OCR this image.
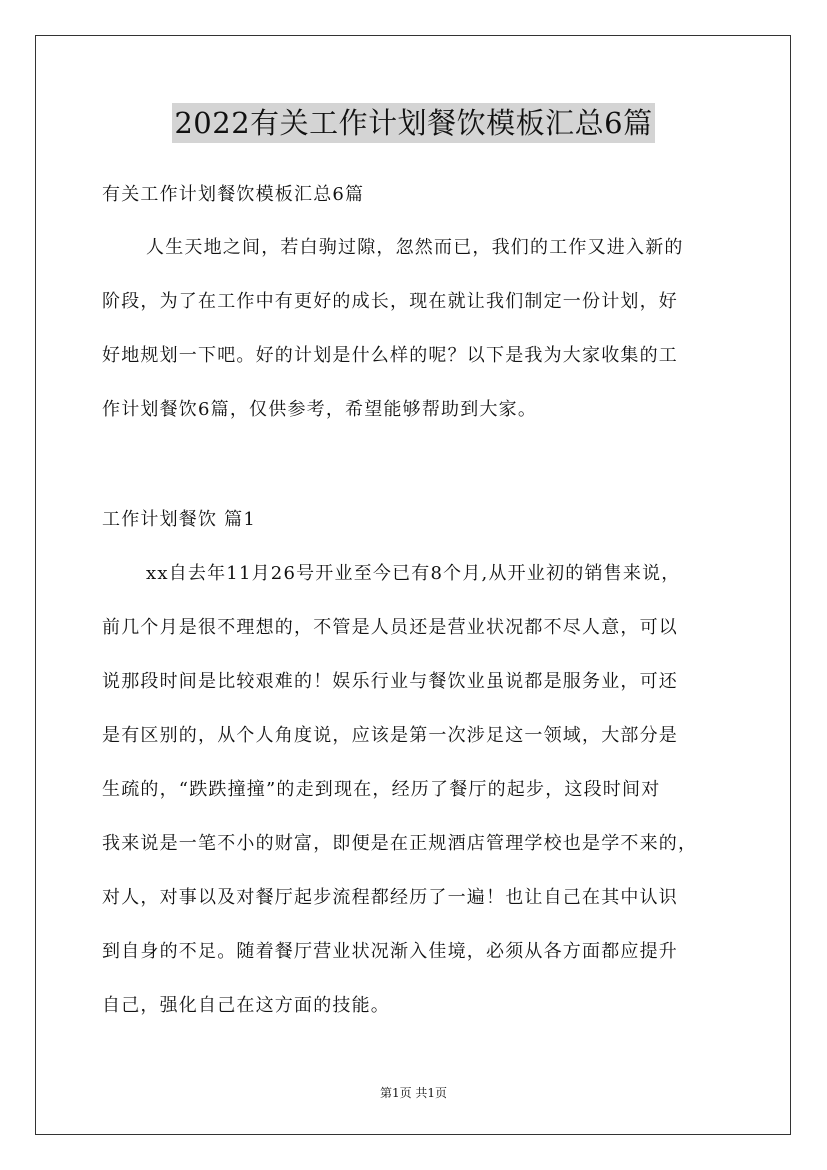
2022有关工作计划餐饮模板汇总6篇
有关工作计划餐饮模板汇总6篇
人生天地之间，若白驹过隙，忽然而已，我们的工作又进入新的
阶段，为了在工作中有更好的成长，现在就让我们制定一份计划，好
好地规划一下吧。好的计划是什么样的呢？以下是我为大家收集的工
作计划餐饮6篇，仅供参考，希望能够帮助到大家。
工作计划餐饮 篇1
xx自去年11月26号开业至今已有8个月,从开业初的销售来说，
前几个月是很不理想的，不管是人员还是营业状况都不尽人意，可以
说那段时间是比较艰难的！娱乐行业与餐饮业虽说都是服务业，可还
是有区别的，从个人角度说，应该是第一次涉足这一领域，大部分是
生疏的，“跌跌撞撞”的走到现在，经历了餐厅的起步，这段时间对
我来说是一笔不小的财富，即便是在正规酒店管理学校也是学不来的，
对人，对事以及对餐厅起步流程都经历了一遍！也让自己在其中认识
到自身的不足。随着餐厅营业状况渐入佳境，必须从各方面都应提升
自己，强化自己在这方面的技能。
第1页 共1页
